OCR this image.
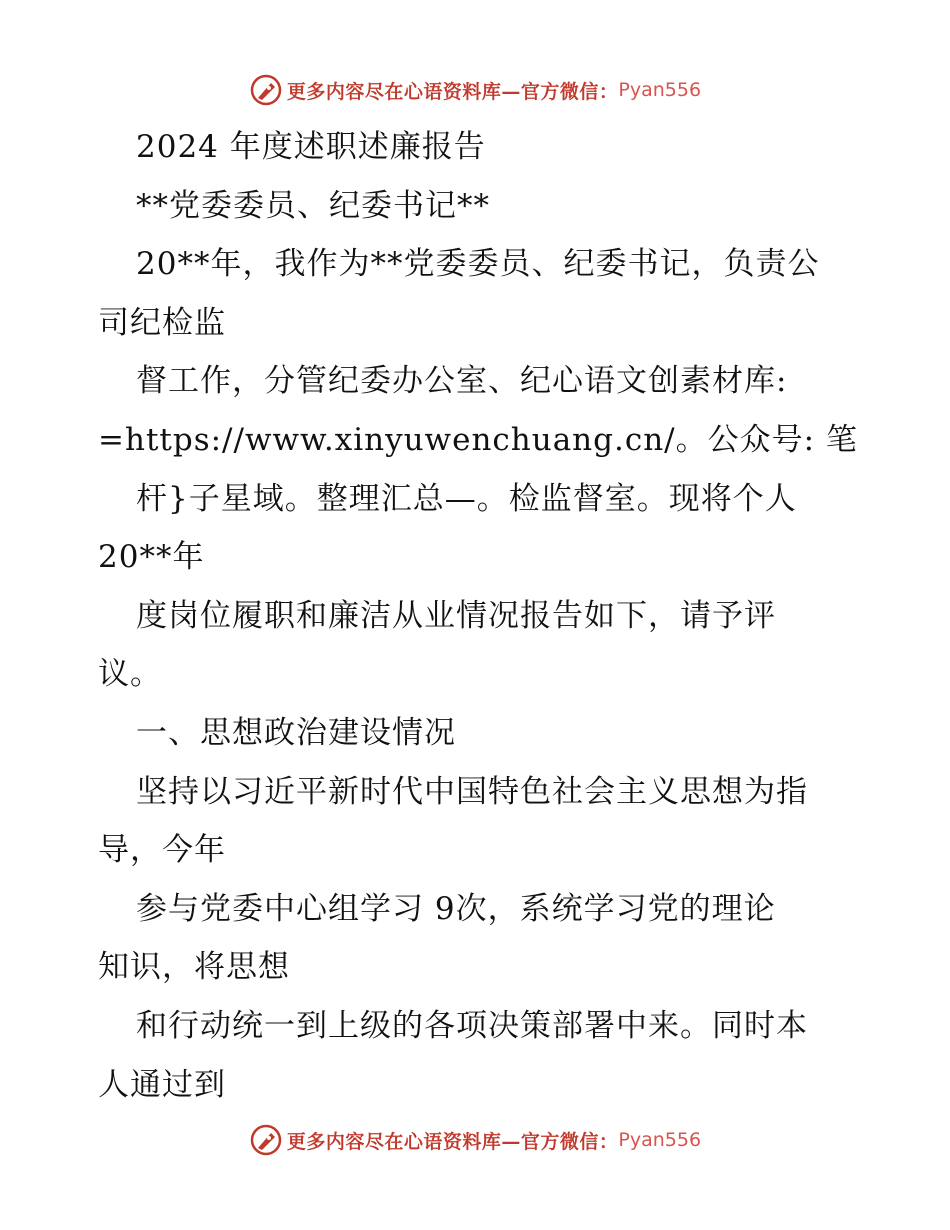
更多内容尽在心语资料库—官方微信： Pyan556
2024 年度述职述廉报告
**党委委员、纪委书记**
20**年，我作为**党委委员、纪委书记，负责公
司纪检监
督工作，分管纪委办公室、纪心语文创素材库:
=https://www.xinyuwenchuang.cn/。公众号: 笔
杆}子星域。整理汇总—。检监督室。现将个人
20**年
度岗位履职和廉洁从业情况报告如下，请予评
议。
一、思想政治建设情况
坚持以习近平新时代中国特色社会主义思想为指
导，今年
参与党委中心组学习 9次，系统学习党的理论
知识，将思想
和行动统一到上级的各项决策部署中来。同时本
人通过到
更多内容尽在心语资料库—官方微信： Pyan556
